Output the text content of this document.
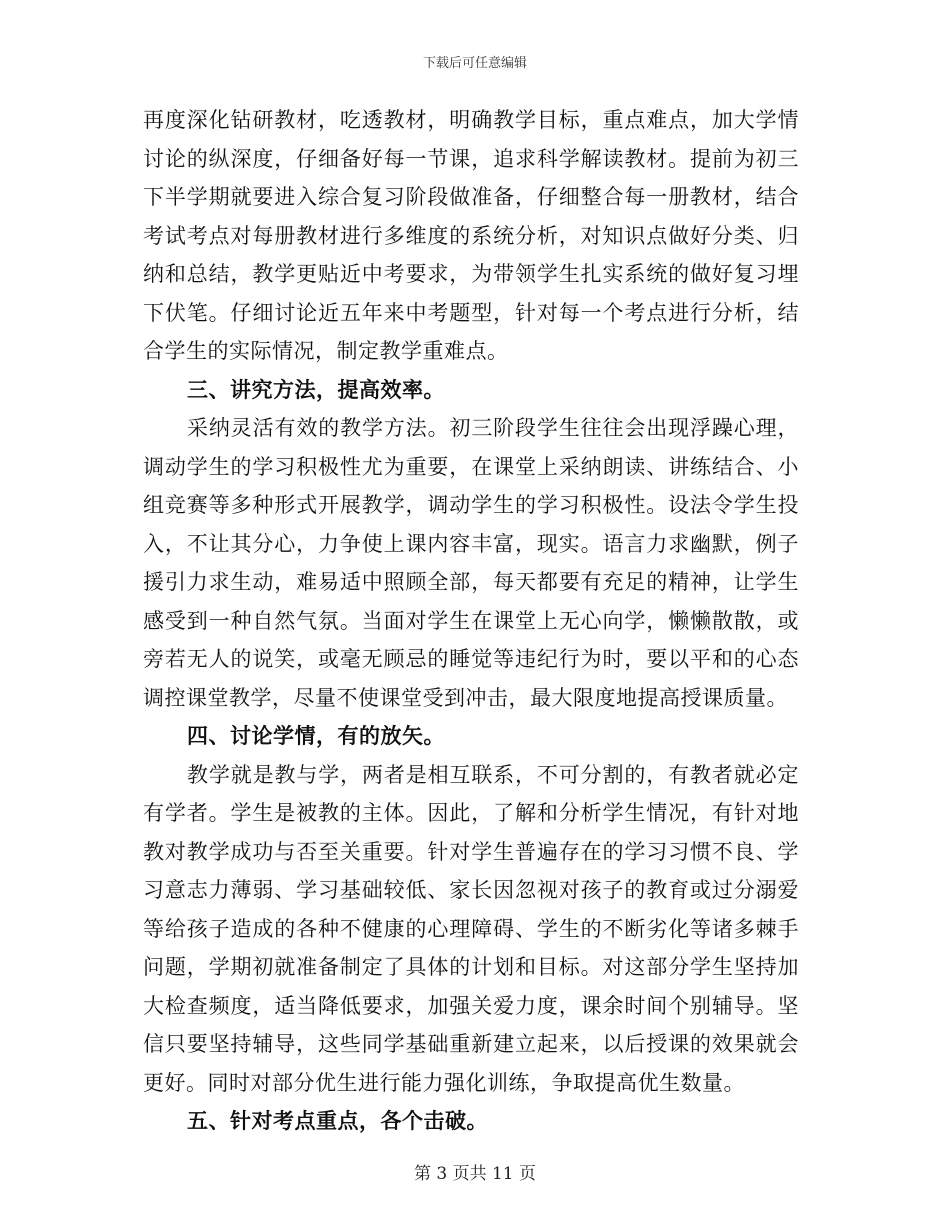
下载后可任意编辑

再度深化钻研教材，吃透教材，明确教学目标，重点难点，加大学情讨论的纵深度，仔细备好每一节课，追求科学解读教材。提前为初三下半学期就要进入综合复习阶段做准备，仔细整合每一册教材，结合考试考点对每册教材进行多维度的系统分析，对知识点做好分类、归纳和总结，教学更贴近中考要求，为带领学生扎实系统的做好复习埋下伏笔。仔细讨论近五年来中考题型，针对每一个考点进行分析，结合学生的实际情况，制定教学重难点。

三、讲究方法，提高效率。

采纳灵活有效的教学方法。初三阶段学生往往会出现浮躁心理，调动学生的学习积极性尤为重要，在课堂上采纳朗读、讲练结合、小组竞赛等多种形式开展教学，调动学生的学习积极性。设法令学生投入，不让其分心，力争使上课内容丰富，现实。语言力求幽默，例子援引力求生动，难易适中照顾全部，每天都要有充足的精神，让学生感受到一种自然气氛。当面对学生在课堂上无心向学，懒懒散散，或旁若无人的说笑，或毫无顾忌的睡觉等违纪行为时，要以平和的心态调控课堂教学，尽量不使课堂受到冲击，最大限度地提高授课质量。

四、讨论学情，有的放矢。

教学就是教与学，两者是相互联系，不可分割的，有教者就必定有学者。学生是被教的主体。因此，了解和分析学生情况，有针对地教对教学成功与否至关重要。针对学生普遍存在的学习习惯不良、学习意志力薄弱、学习基础较低、家长因忽视对孩子的教育或过分溺爱等给孩子造成的各种不健康的心理障碍、学生的不断劣化等诸多棘手问题，学期初就准备制定了具体的计划和目标。对这部分学生坚持加大检查频度，适当降低要求，加强关爱力度，课余时间个别辅导。坚信只要坚持辅导，这些同学基础重新建立起来，以后授课的效果就会更好。同时对部分优生进行能力强化训练，争取提高优生数量。

五、针对考点重点，各个击破。

第 3 页共 11 页
